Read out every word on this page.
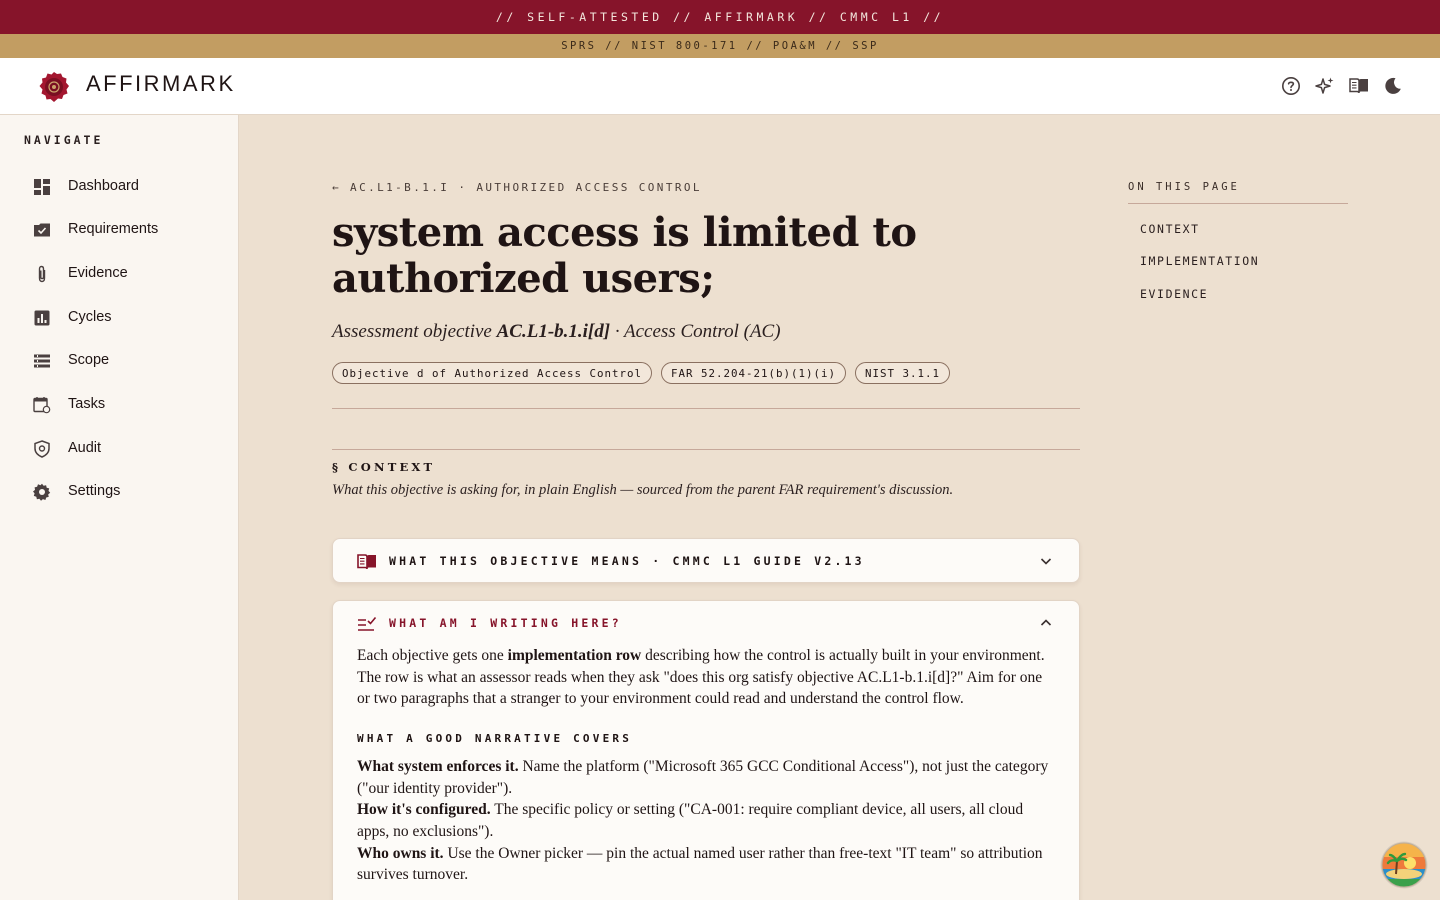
// SELF-ATTESTED // AFFIRMARK // CMMC L1 //
SPRS // NIST 800-171 // POA&M // SSP
AFFIRMARK
NAVIGATE
Dashboard
Requirements
Evidence
Cycles
Scope
Tasks
Audit
Settings
← AC.L1-B.1.I · AUTHORIZED ACCESS CONTROL
system access is limited to authorized users;
Assessment objective AC.L1-b.1.i[d] · Access Control (AC)
Objective d of Authorized Access Control	FAR 52.204-21(b)(1)(i)	NIST 3.1.1
§ CONTEXT
What this objective is asking for, in plain English — sourced from the parent FAR requirement's discussion.
WHAT THIS OBJECTIVE MEANS · CMMC L1 GUIDE V2.13
WHAT AM I WRITING HERE?

Each objective gets one implementation row describing how the control is actually built in your environment. The row is what an assessor reads when they ask "does this org satisfy objective AC.L1-b.1.i[d]?" Aim for one or two paragraphs that a stranger to your environment could read and understand the control flow.

WHAT A GOOD NARRATIVE COVERS

What system enforces it. Name the platform ("Microsoft 365 GCC Conditional Access"), not just the category ("our identity provider").

How it's configured. The specific policy or setting ("CA-001: require compliant device, all users, all cloud apps, no exclusions").

Who owns it. Use the Owner picker — pin the actual named user rather than free-text "IT team" so attribution survives turnover.

ON THIS PAGE
CONTEXT
IMPLEMENTATION
EVIDENCE
